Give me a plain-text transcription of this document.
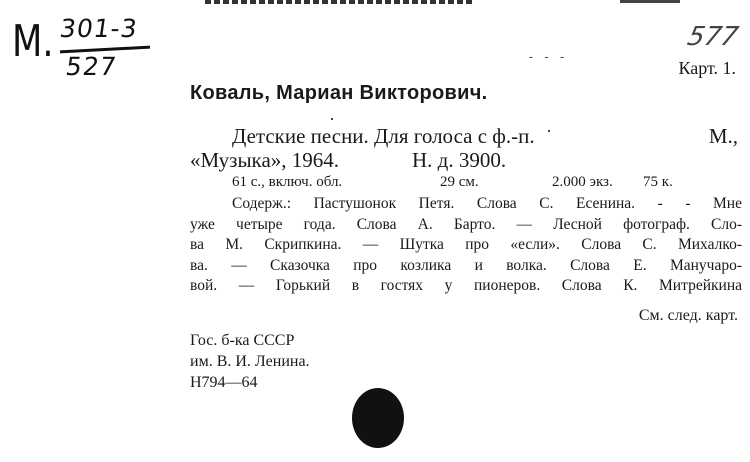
М. 301-3
527	- - -
577
Карт. 1.
Коваль, Мариан Викторович.
Детские песни. Для голоса с ф.-п.	М.,
«Музыка», 1964.	Н. д. 3900.
61 с., включ. обл.	29 см.	2.000 экз. 75 к.
Содерж.: Пастушонок Петя. Слова С. Есенина. - - Мне
уже четыре года. Слова А. Барто. — Лесной фотограф. Сло-
ва М. Скрипкина. — Шутка про «если». Слова С. Михалко-
ва. — Сказочка про козлика и волка. Слова Е. Манучаро-
вой. — Горький в гостях у пионеров. Слова К. Митрейкина
См. след. карт.
Гос. б-ка СССР
им. В. И. Ленина.
Н794—64
